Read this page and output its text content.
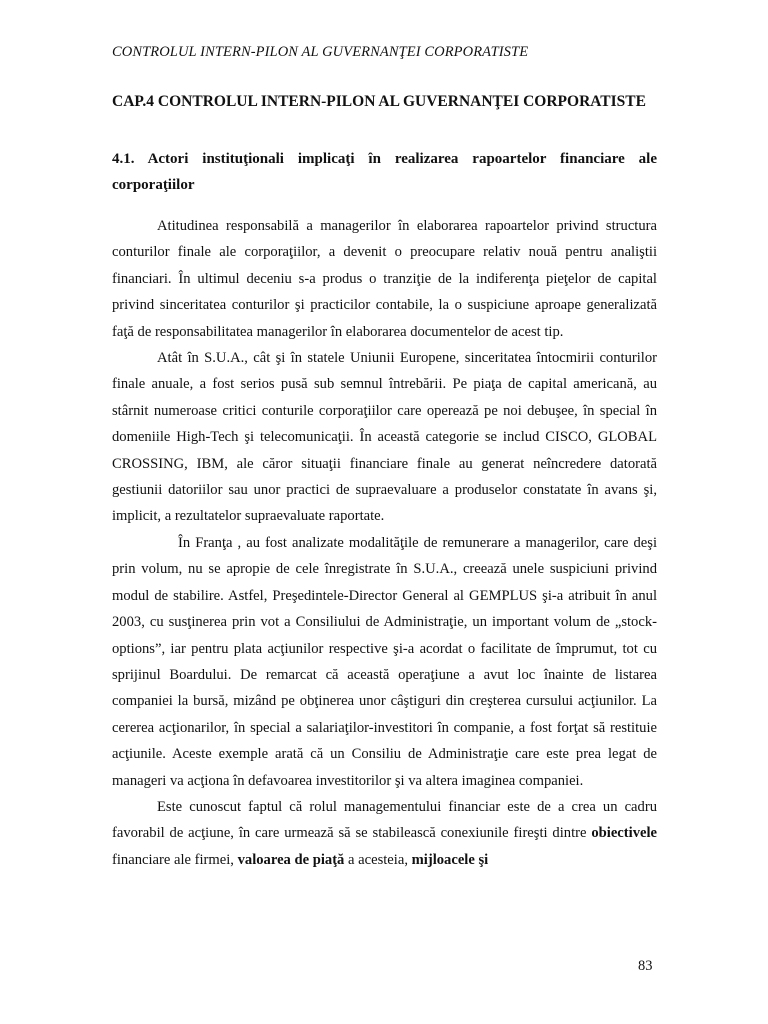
CONTROLUL INTERN-PILON AL GUVERNANŢEI CORPORATISTE
CAP.4 CONTROLUL INTERN-PILON AL GUVERNANŢEI CORPORATISTE
4.1. Actori instituţionali implicaţi în realizarea rapoartelor financiare ale corporaţiilor

Atitudinea responsabilă a managerilor în elaborarea rapoartelor privind structura conturilor finale ale corporaţiilor, a devenit o preocupare relativ nouă pentru analiştii financiari. În ultimul deceniu s-a produs o tranziţie de la indiferenţa pieţelor de capital privind sinceritatea conturilor şi practicilor contabile, la o suspiciune aproape generalizată faţă de responsabilitatea managerilor în elaborarea documentelor de acest tip.

Atât în S.U.A., cât şi în statele Uniunii Europene, sinceritatea întocmirii conturilor finale anuale, a fost serios pusă sub semnul întrebării. Pe piaţa de capital americană, au stârnit numeroase critici conturile corporaţiilor care operează pe noi debuşee, în special în domeniile High-Tech şi telecomunicaţii. În această categorie se includ CISCO, GLOBAL CROSSING, IBM, ale căror situaţii financiare finale au generat neîncredere datorată gestiunii datoriilor sau unor practici de supraevaluare a produselor constatate în avans şi, implicit, a rezultatelor supraevaluate raportate.

În Franţa , au fost analizate modalităţile de remunerare a managerilor, care deşi prin volum, nu se apropie de cele înregistrate în S.U.A., creează unele suspiciuni privind modul de stabilire. Astfel, Preşedintele-Director General al GEMPLUS şi-a atribuit în anul 2003, cu susţinerea prin vot a Consiliului de Administraţie, un important volum de „stock-options”, iar pentru plata acţiunilor respective şi-a acordat o facilitate de împrumut, tot cu sprijinul Boardului. De remarcat că această operaţiune a avut loc înainte de listarea companiei la bursă, mizând pe obţinerea unor câştiguri din creşterea cursului acţiunilor. La cererea acţionarilor, în special a salariaţilor-investitori în companie, a fost forţat să restituie acţiunile. Aceste exemple arată că un Consiliu de Administraţie care este prea legat de manageri va acţiona în defavoarea investitorilor şi va altera imaginea companiei.

Este cunoscut faptul că rolul managementului financiar este de a crea un cadru favorabil de acţiune, în care urmează să se stabilească conexiunile fireşti dintre obiectivele financiare ale firmei, valoarea de piaţă a acesteia, mijloacele şi

83
